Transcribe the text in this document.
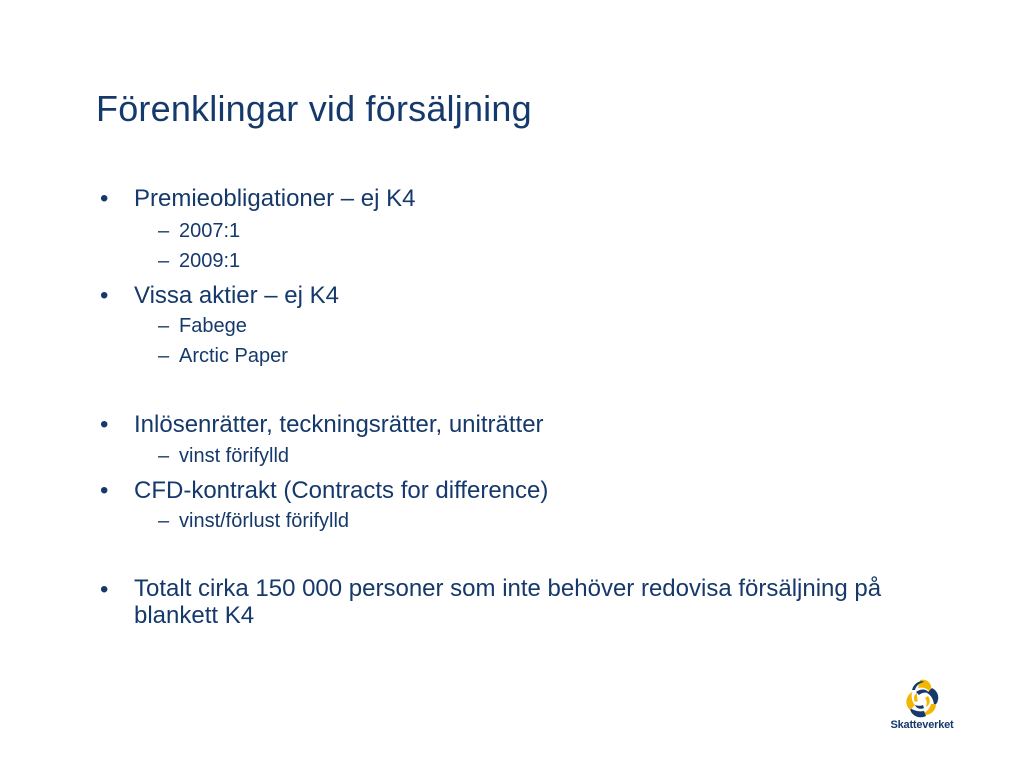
Förenklingar vid försäljning
• Premieobligationer – ej K4
– 2007:1
– 2009:1
• Vissa aktier – ej K4
– Fabege
– Arctic Paper
• Inlösenrätter, teckningsrätter, uniträtter
– vinst förifylld
• CFD-kontrakt (Contracts for difference)
– vinst/förlust förifylld
• Totalt cirka 150 000 personer som inte behöver redovisa försäljning på blankett K4
Skatteverket
